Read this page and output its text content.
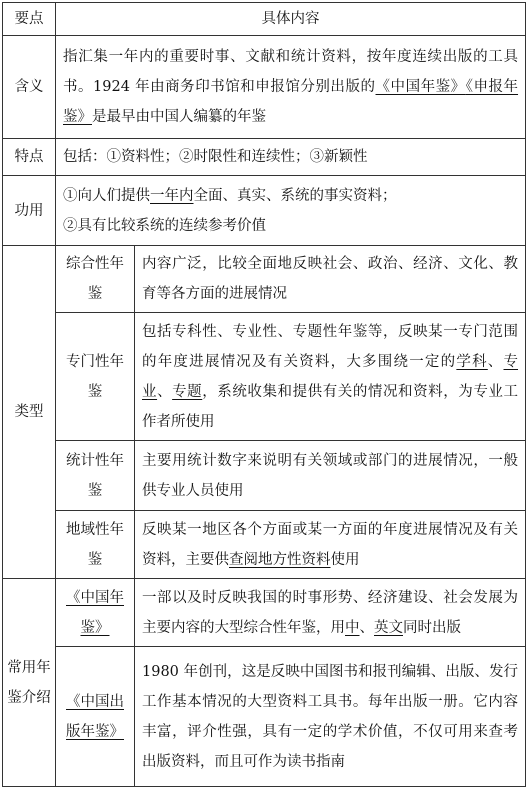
要点	具体内容	
含义	指汇集一年内的重要时事、文献和统计资料，按年度连续出版的工具书。1924 年由商务印书馆和申报馆分别出版的《中国年鉴》《申报年鉴》是最早由中国人编纂的年鉴	
特点	包括：①资料性；②时限性和连续性；③新颖性	
功用	①向人们提供一年内全面、真实、系统的事实资料；
②具有比较系统的连续参考价值	
类型	综合性年鉴	内容广泛，比较全面地反映社会、政治、经济、文化、教育等各方面的进展情况
	专门性年鉴	包括专科性、专业性、专题性年鉴等，反映某一专门范围的年度进展情况及有关资料，大多围绕一定的学科、专业、专题，系统收集和提供有关的情况和资料，为专业工作者所使用
	统计性年鉴	主要用统计数字来说明有关领域或部门的进展情况，一般供专业人员使用
	地域性年鉴	反映某一地区各个方面或某一方面的年度进展情况及有关资料，主要供查阅地方性资料使用
常用年鉴介绍	《中国年鉴》	一部以及时反映我国的时事形势、经济建设、社会发展为主要内容的大型综合性年鉴，用中、英文同时出版
	《中国出版年鉴》	1980 年创刊，这是反映中国图书和报刊编辑、出版、发行工作基本情况的大型资料工具书。每年出版一册。它内容丰富，评介性强，具有一定的学术价值，不仅可用来查考出版资料，而且可作为读书指南
